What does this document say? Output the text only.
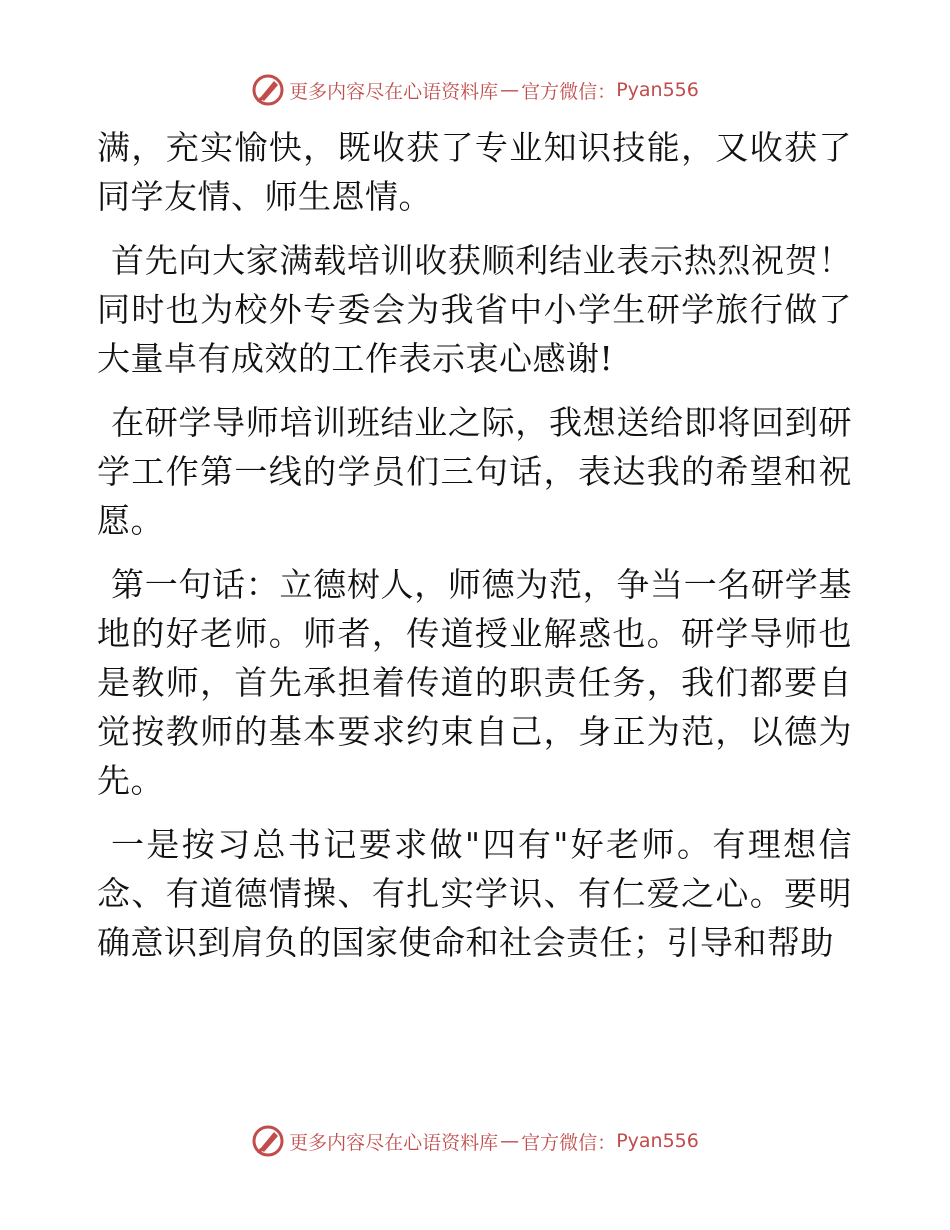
更多内容尽在心语资料库 — 官方微信： Pyan556

满，充实愉快，既收获了专业知识技能，又收获了同学友情、师生恩情。

首先向大家满载培训收获顺利结业表示热烈祝贺！同时也为校外专委会为我省中小学生研学旅行做了大量卓有成效的工作表示衷心感谢!

在研学导师培训班结业之际，我想送给即将回到研学工作第一线的学员们三句话，表达我的希望和祝愿。

第一句话：立德树人，师德为范，争当一名研学基地的好老师。师者，传道授业解惑也。研学导师也是教师，首先承担着传道的职责任务，我们都要自觉按教师的基本要求约束自己，身正为范，以德为先。

一是按习总书记要求做"四有"好老师。有理想信念、有道德情操、有扎实学识、有仁爱之心。要明确意识到肩负的国家使命和社会责任；引导和帮助

更多内容尽在心语资料库 — 官方微信： Pyan556
